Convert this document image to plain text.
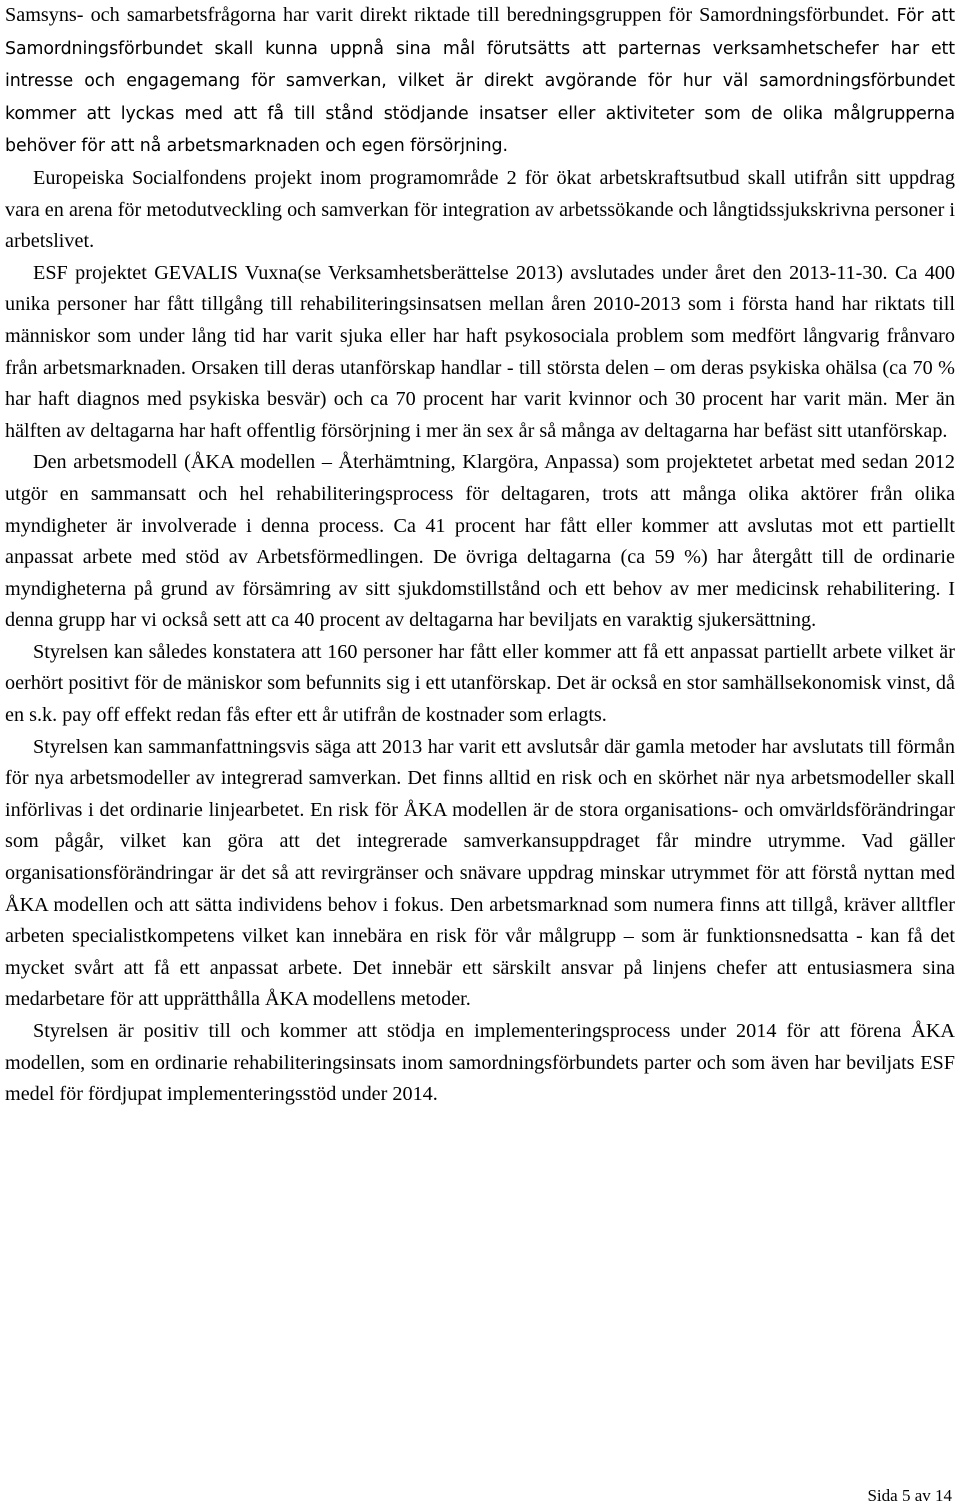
Samsyns- och samarbetsfrågorna har varit direkt riktade till beredningsgruppen för Samordningsförbundet. För att Samordningsförbundet skall kunna uppnå sina mål förutsätts att parternas verksamhetschefer har ett intresse och engagemang för samverkan, vilket är direkt avgörande för hur väl samordningsförbundet kommer att lyckas med att få till stånd stödjande insatser eller aktiviteter som de olika målgrupperna behöver för att nå arbetsmarknaden och egen försörjning.

Europeiska Socialfondens projekt inom programområde 2 för ökat arbetskraftsutbud skall utifrån sitt uppdrag vara en arena för metodutveckling och samverkan för integration av arbetssökande och långtidssjukskrivna personer i arbetslivet.

ESF projektet GEVALIS Vuxna(se Verksamhetsberättelse 2013) avslutades under året den 2013-11-30. Ca 400 unika personer har fått tillgång till rehabiliteringsinsatsen mellan åren 2010-2013 som i första hand har riktats till människor som under lång tid har varit sjuka eller har haft psykosociala problem som medfört långvarig frånvaro från arbetsmarknaden. Orsaken till deras utanförskap handlar - till största delen – om deras psykiska ohälsa (ca 70 % har haft diagnos med psykiska besvär) och ca 70 procent har varit kvinnor och 30 procent har varit män. Mer än hälften av deltagarna har haft offentlig försörjning i mer än sex år så många av deltagarna har befäst sitt utanförskap.

Den arbetsmodell (ÅKA modellen – Återhämtning, Klargöra, Anpassa) som projektetet arbetat med sedan 2012 utgör en sammansatt och hel rehabiliteringsprocess för deltagaren, trots att många olika aktörer från olika myndigheter är involverade i denna process. Ca 41 procent har fått eller kommer att avslutas mot ett partiellt anpassat arbete med stöd av Arbetsförmedlingen. De övriga deltagarna (ca 59 %) har återgått till de ordinarie myndigheterna på grund av försämring av sitt sjukdomstillstånd och ett behov av mer medicinsk rehabilitering. I denna grupp har vi också sett att ca 40 procent av deltagarna har beviljats en varaktig sjukersättning.

Styrelsen kan således konstatera att 160 personer har fått eller kommer att få ett anpassat partiellt arbete vilket är oerhört positivt för de mäniskor som befunnits sig i ett utanförskap. Det är också en stor samhällsekonomisk vinst, då en s.k. pay off effekt redan fås efter ett år utifrån de kostnader som erlagts.

Styrelsen kan sammanfattningsvis säga att 2013 har varit ett avslutsår där gamla metoder har avslutats till förmån för nya arbetsmodeller av integrerad samverkan. Det finns alltid en risk och en skörhet när nya arbetsmodeller skall införlivas i det ordinarie linjearbetet. En risk för ÅKA modellen är de stora organisations- och omvärldsförändringar som pågår, vilket kan göra att det integrerade samverkansuppdraget får mindre utrymme. Vad gäller organisationsförändringar är det så att revirgränser och snävare uppdrag minskar utrymmet för att förstå nyttan med ÅKA modellen och att sätta individens behov i fokus. Den arbetsmarknad som numera finns att tillgå, kräver alltfler arbeten specialistkompetens vilket kan innebära en risk för vår målgrupp – som är funktionsnedsatta - kan få det mycket svårt att få ett anpassat arbete. Det innebär ett särskilt ansvar på linjens chefer att entusiasmera sina medarbetare för att upprätthålla ÅKA modellens metoder.

Styrelsen är positiv till och kommer att stödja en implementeringsprocess under 2014 för att förena ÅKA modellen, som en ordinarie rehabiliteringsinsats inom samordningsförbundets parter och som även har beviljats ESF medel för fördjupat implementeringsstöd under 2014.

Sida 5 av 14
